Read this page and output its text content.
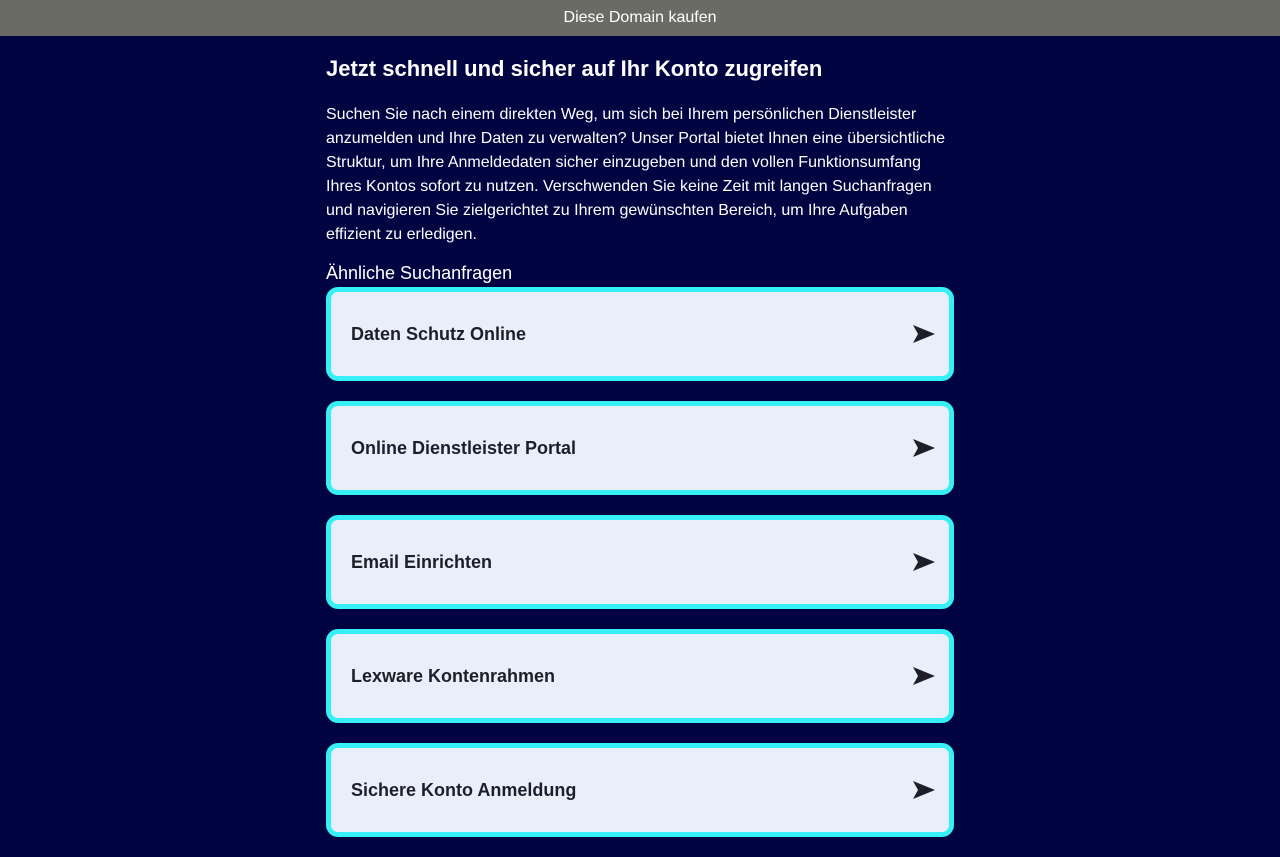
Diese Domain kaufen
Jetzt schnell und sicher auf Ihr Konto zugreifen

Suchen Sie nach einem direkten Weg, um sich bei Ihrem persönlichen Dienstleister anzumelden und Ihre Daten zu verwalten? Unser Portal bietet Ihnen eine übersichtliche Struktur, um Ihre Anmeldedaten sicher einzugeben und den vollen Funktionsumfang Ihres Kontos sofort zu nutzen. Verschwenden Sie keine Zeit mit langen Suchanfragen und navigieren Sie zielgerichtet zu Ihrem gewünschten Bereich, um Ihre Aufgaben effizient zu erledigen.

Ähnliche Suchanfragen
Daten Schutz Online
Online Dienstleister Portal
Email Einrichten
Lexware Kontenrahmen
Sichere Konto Anmeldung
